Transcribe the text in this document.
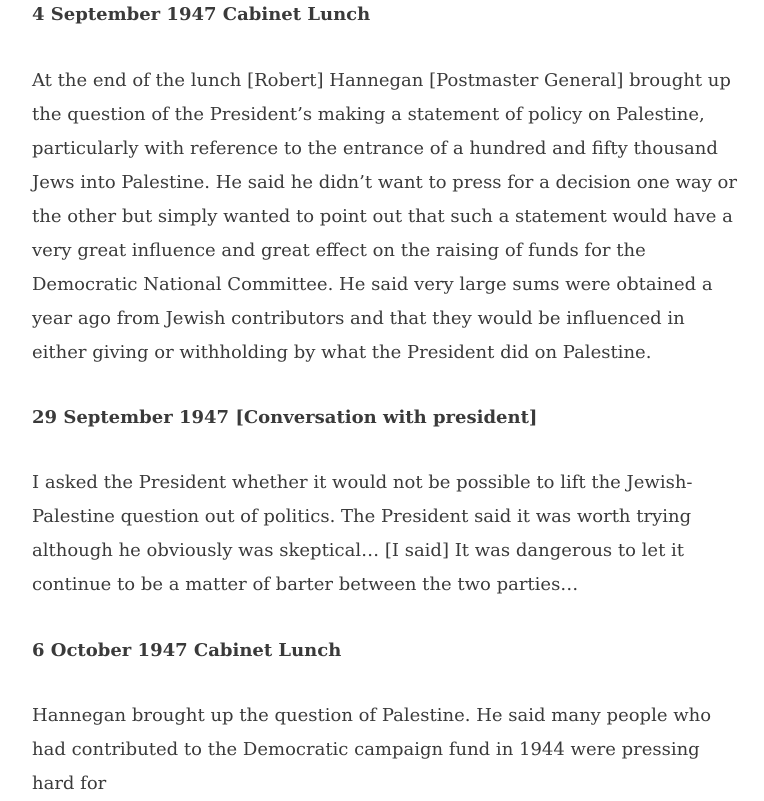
4 September 1947 Cabinet Lunch

At the end of the lunch [Robert] Hannegan [Postmaster General] brought up the question of the President’s making a statement of policy on Palestine, particularly with reference to the entrance of a hundred and fifty thousand Jews into Palestine. He said he didn’t want to press for a decision one way or the other but simply wanted to point out that such a statement would have a very great influence and great effect on the raising of funds for the Democratic National Committee. He said very large sums were obtained a year ago from Jewish contributors and that they would be influenced in either giving or withholding by what the President did on Palestine.

29 September 1947 [Conversation with president]

I asked the President whether it would not be possible to lift the Jewish-Palestine question out of politics. The President said it was worth trying although he obviously was skeptical… [I said] It was dangerous to let it continue to be a matter of barter between the two parties…

6 October 1947 Cabinet Lunch

Hannegan brought up the question of Palestine. He said many people who had contributed to the Democratic campaign fund in 1944 were pressing hard for
